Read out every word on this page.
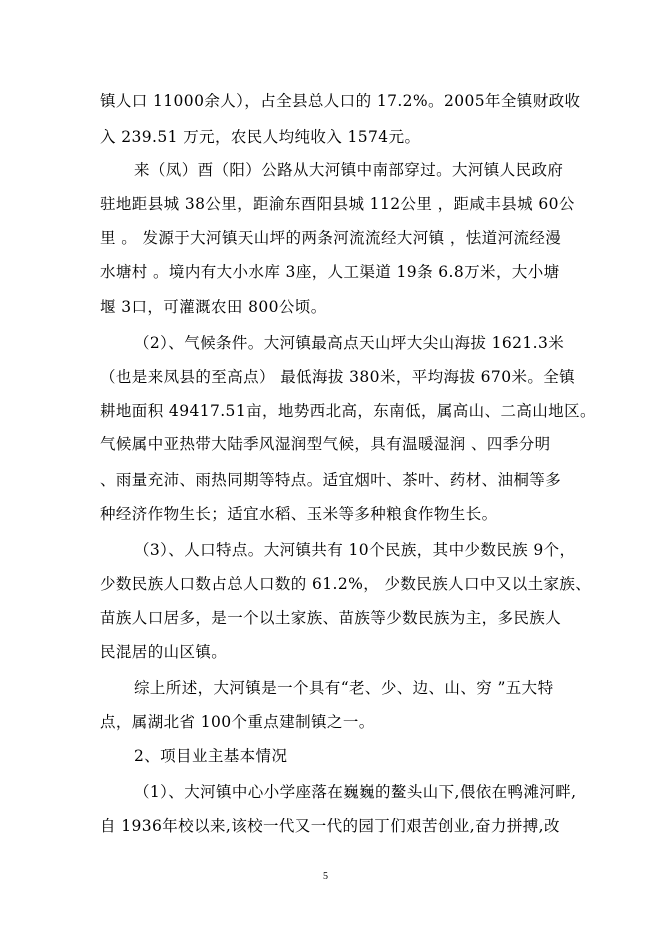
镇人口 11000余人），占全县总人口的 17.2%。2005年全镇财政收
入 239.51 万元，农民人均纯收入 1574元。
来（凤）酉（阳）公路从大河镇中南部穿过。大河镇人民政府
驻地距县城 38公里，距渝东酉阳县城 112公里 ，距咸丰县城 60公
里 。 发源于大河镇天山坪的两条河流流经大河镇 ，怯道河流经漫
水塘村 。境内有大小水库 3座，人工渠道 19条 6.8万米，大小塘
堰 3口，可灌溉农田 800公顷。
（2）、气候条件。大河镇最高点天山坪大尖山海拔 1621.3米
（也是来凤县的至高点） 最低海拔 380米，平均海拔 670米。全镇
耕地面积 49417.51亩，地势西北高，东南低，属高山、二高山地区。
气候属中亚热带大陆季风湿润型气候，具有温暖湿润 、四季分明
、雨量充沛、雨热同期等特点。适宜烟叶、茶叶、药材、油桐等多
种经济作物生长；适宜水稻、玉米等多种粮食作物生长。
（3）、人口特点。大河镇共有 10个民族，其中少数民族 9个，
少数民族人口数占总人口数的 61.2%， 少数民族人口中又以土家族、
苗族人口居多，是一个以土家族、苗族等少数民族为主，多民族人
民混居的山区镇。
综上所述，大河镇是一个具有“老、少、边、山、穷 ”五大特
点，属湖北省 100个重点建制镇之一。
2、项目业主基本情况
（1）、大河镇中心小学座落在巍巍的鳌头山下,偎依在鸭滩河畔,
自 1936年校以来,该校一代又一代的园丁们艰苦创业,奋力拼搏,改
5
